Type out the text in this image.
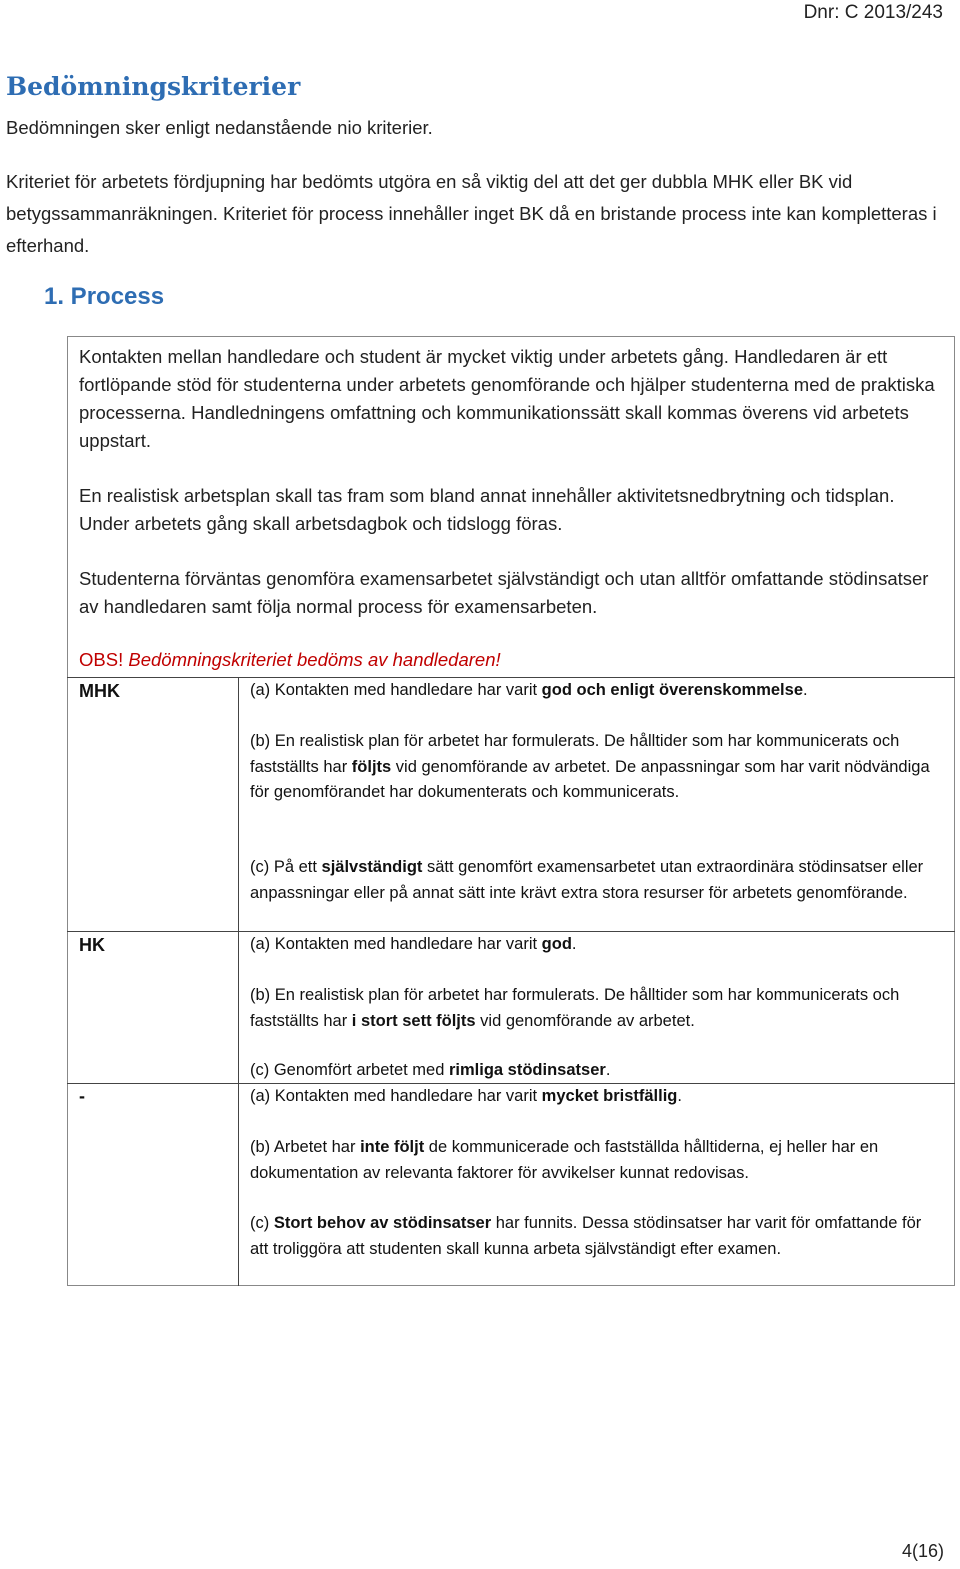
Dnr: C 2013/243
Bedömningskriterier

Bedömningen sker enligt nedanstående nio kriterier.

Kriteriet för arbetets fördjupning har bedömts utgöra en så viktig del att det ger dubbla MHK eller BK vid betygssammanräkningen. Kriteriet för process innehåller inget BK då en bristande process inte kan kompletteras i efterhand.

1. Process

Kontakten mellan handledare och student är mycket viktig under arbetets gång. Handledaren är ett fortlöpande stöd för studenterna under arbetets genomförande och hjälper studenterna med de praktiska processerna. Handledningens omfattning och kommunikationssätt skall kommas överens vid arbetets uppstart.

En realistisk arbetsplan skall tas fram som bland annat innehåller aktivitetsnedbrytning och tidsplan. Under arbetets gång skall arbetsdagbok och tidslogg föras.

Studenterna förväntas genomföra examensarbetet självständigt och utan alltför omfattande stödinsatser av handledaren samt följa normal process för examensarbeten.

OBS! Bedömningskriteriet bedöms av handledaren!

MHK	(a) Kontakten med handledare har varit god och enligt överenskommelse.

(b) En realistisk plan för arbetet har formulerats. De hålltider som har kommunicerats och fastställts har följts vid genomförande av arbetet. De anpassningar som har varit nödvändiga för genomförandet har dokumenterats och kommunicerats.

(c) På ett självständigt sätt genomfört examensarbetet utan extraordinära stödinsatser eller anpassningar eller på annat sätt inte krävt extra stora resurser för arbetets genomförande.

HK	(a) Kontakten med handledare har varit god.

(b) En realistisk plan för arbetet har formulerats. De hålltider som har kommunicerats och fastställts har i stort sett följts vid genomförande av arbetet.

(c) Genomfört arbetet med rimliga stödinsatser.

-	(a) Kontakten med handledare har varit mycket bristfällig.

(b) Arbetet har inte följt de kommunicerade och fastställda hålltiderna, ej heller har en dokumentation av relevanta faktorer för avvikelser kunnat redovisas.

(c) Stort behov av stödinsatser har funnits. Dessa stödinsatser har varit för omfattande för att troliggöra att studenten skall kunna arbeta självständigt efter examen.

4(16)
